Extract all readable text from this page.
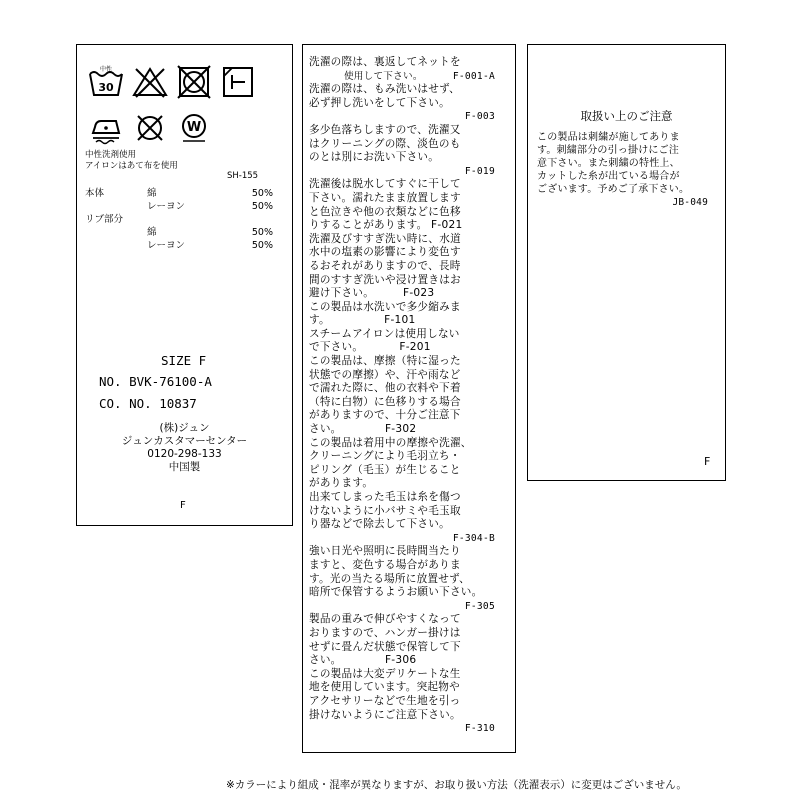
30
中性
W
中性洗剤使用
アイロンはあて布を使用
SH-155
本体	綿	50%
レーヨン	50%
リブ部分
綿	50%
レーヨン	50%
SIZE F
NO. BVK-76100-A
CO. NO. 10837
(株)ジュン
ジュンカスタマーセンター
0120-298-133
中国製
F
洗濯の際は、裏返してネットを
使用して下さい。     F-001-A
洗濯の際は、もみ洗いはせず、
必ず押し洗いをして下さい。
F-003
多少色落ちしますので、洗濯又
はクリーニングの際、淡色のも
のとは別にお洗い下さい。
F-019
洗濯後は脱水してすぐに干して
下さい。濡れたまま放置します
と色泣きや他の衣類などに色移
りすることがあります。 F-021
洗濯及びすすぎ洗い時に、水道
水中の塩素の影響により変色す
るおそれがありますので、長時
間のすすぎ洗いや浸け置きはお
避け下さい。        F-023
この製品は水洗いで多少縮みま
す。               F-101
スチームアイロンは使用しない
で下さい。          F-201
この製品は、摩擦（特に湿った
状態での摩擦）や、汗や雨など
で濡れた際に、他の衣料や下着
（特に白物）に色移りする場合
がありますので、十分ご注意下
さい。            F-302
この製品は着用中の摩擦や洗濯、
クリーニングにより毛羽立ち・
ピリング（毛玉）が生じること
があります。
出来てしまった毛玉は糸を傷つ
けないように小バサミや毛玉取
り器などで除去して下さい。
F-304-B
強い日光や照明に長時間当たり
ますと、変色する場合がありま
す。光の当たる場所に放置せず、
暗所で保管するようお願い下さい。
F-305
製品の重みで伸びやすくなって
おりますので、ハンガー掛けは
せずに畳んだ状態で保管して下
さい。            F-306
この製品は大変デリケートな生
地を使用しています。突起物や
アクセサリーなどで生地を引っ
掛けないようにご注意下さい。
F-310
取扱い上のご注意
この製品は刺繍が施してありま
す。刺繍部分の引っ掛けにご注
意下さい。また刺繍の特性上、
カットした糸が出ている場合が
ございます。予めご了承下さい。
JB-049
F
※カラーにより組成・混率が異なりますが、お取り扱い方法（洗濯表示）に変更はございません。
